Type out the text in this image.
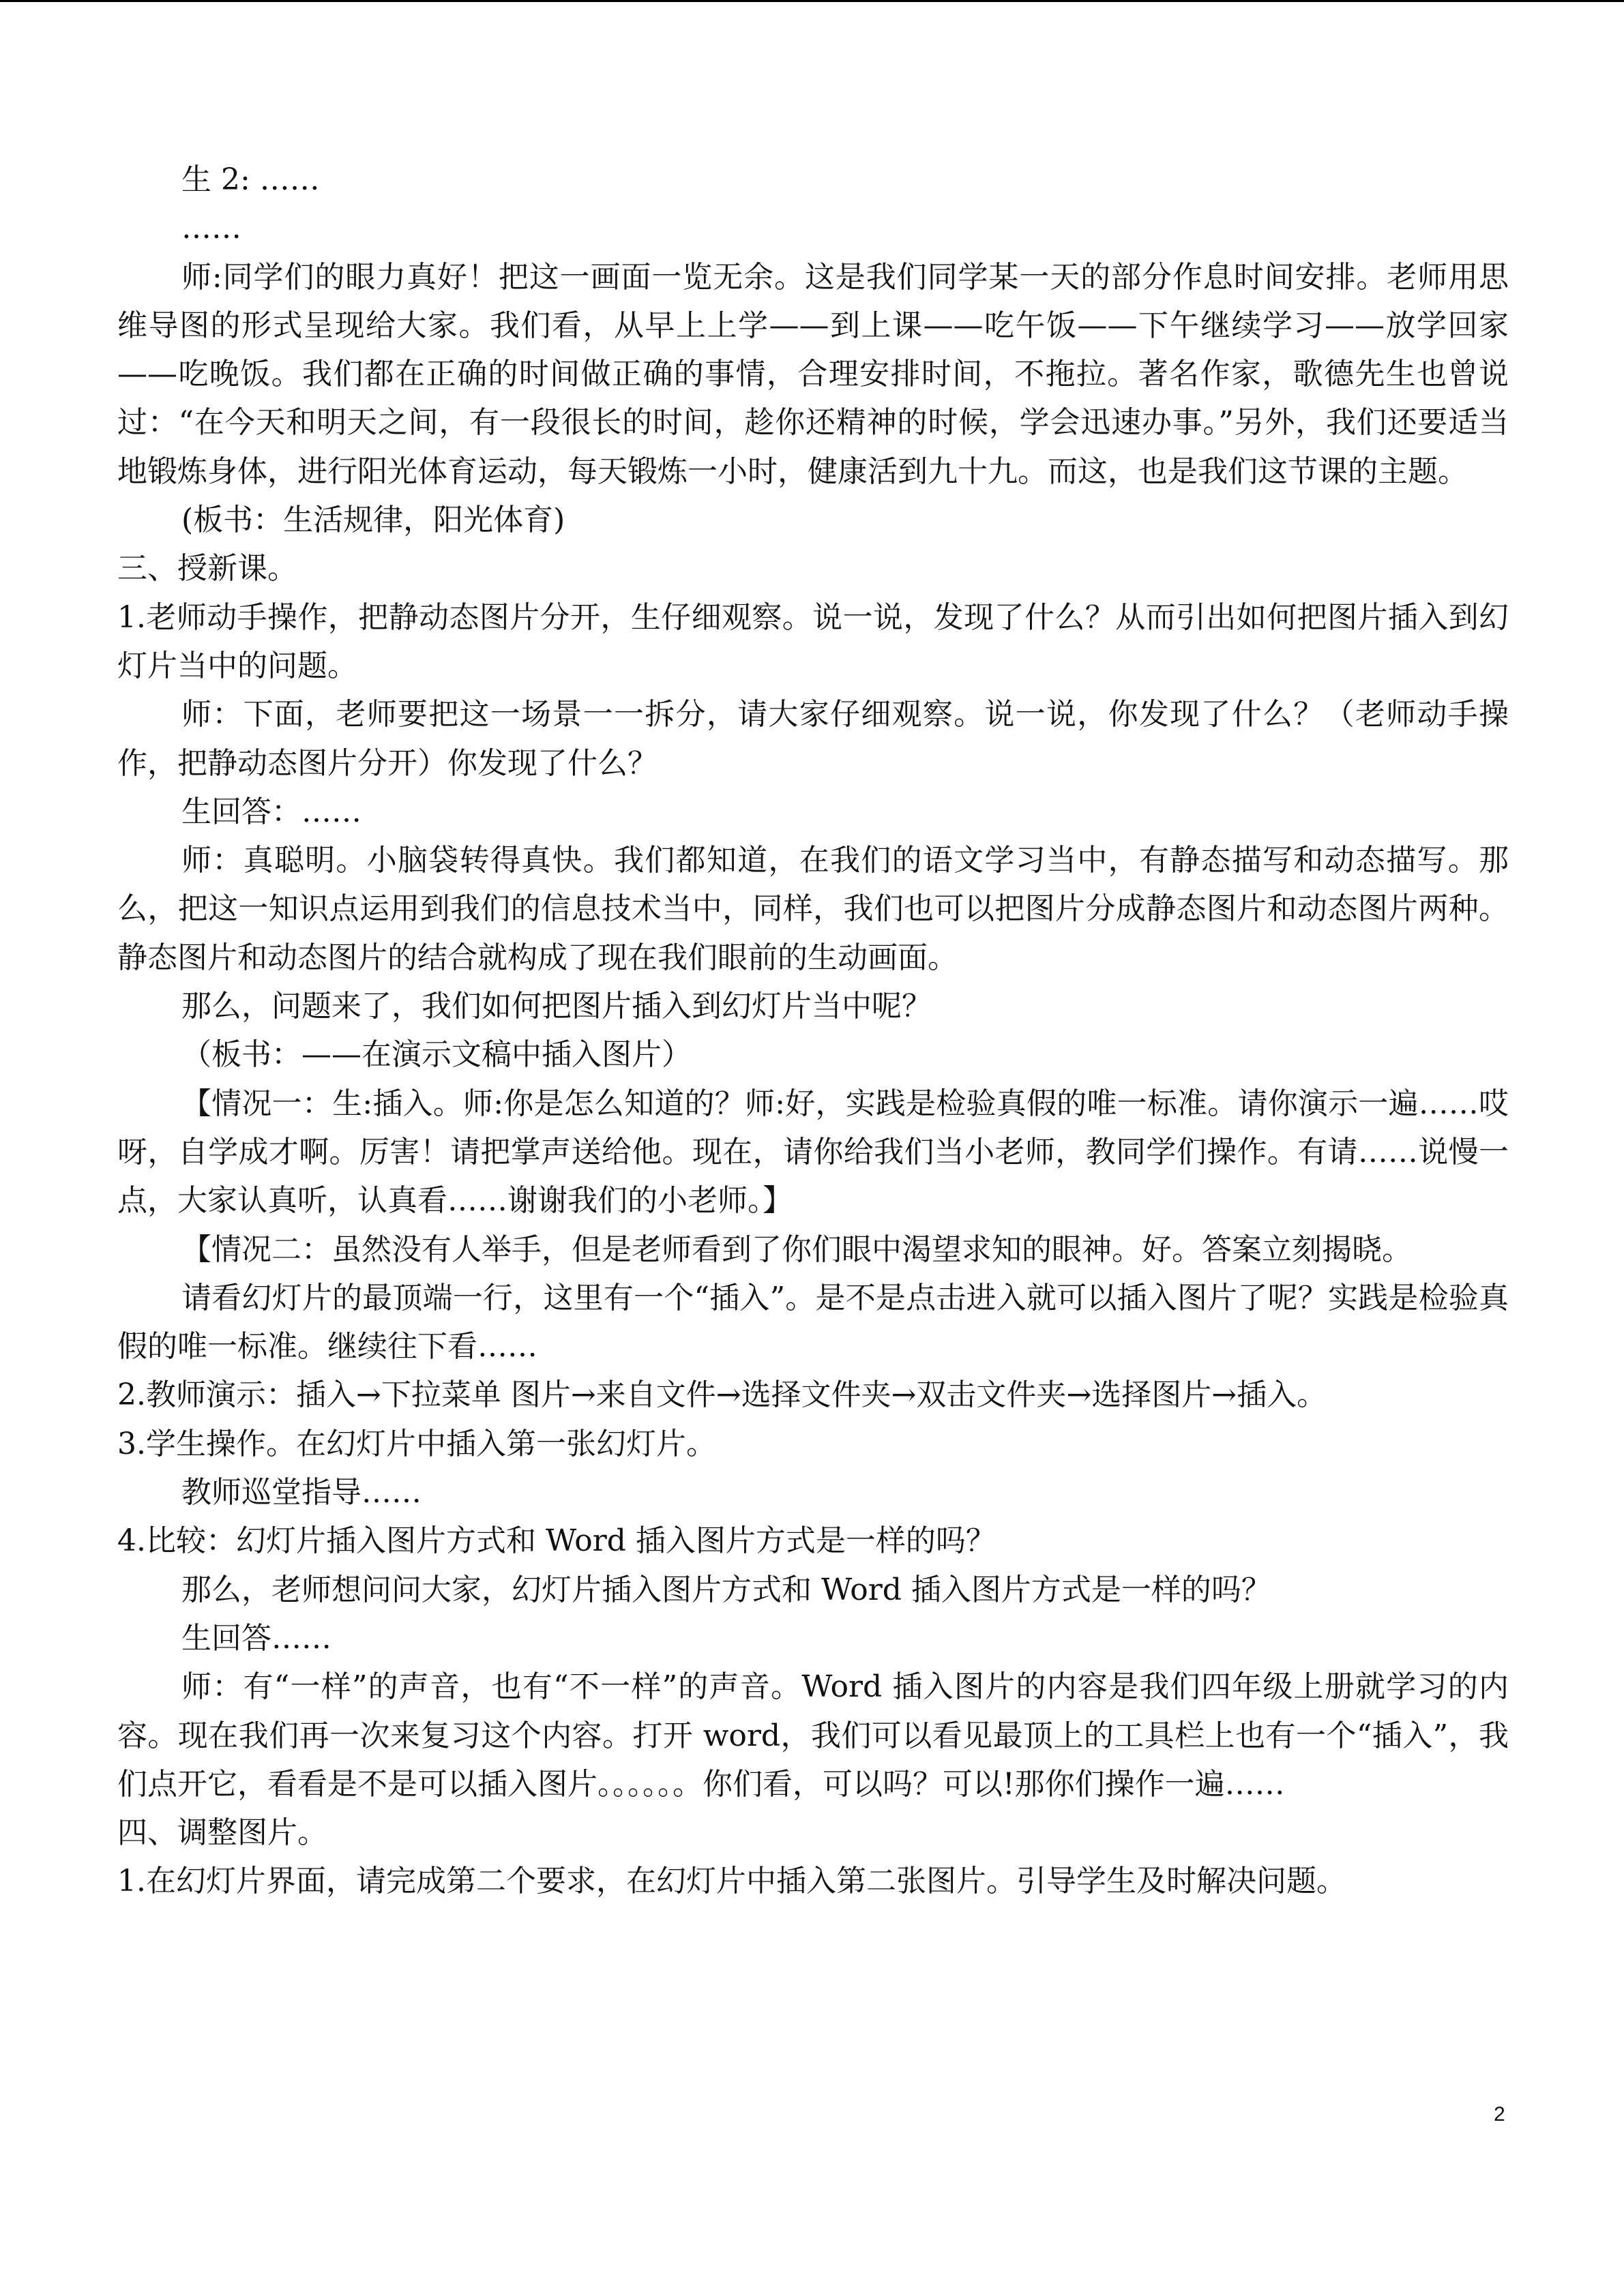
生 2: ……

……

师:同学们的眼力真好！把这一画面一览无余。这是我们同学某一天的部分作息时间安排。老师用思维导图的形式呈现给大家。我们看，从早上上学——到上课——吃午饭——下午继续学习——放学回家——吃晚饭。我们都在正确的时间做正确的事情，合理安排时间，不拖拉。著名作家，歌德先生也曾说过：“在今天和明天之间，有一段很长的时间，趁你还精神的时候，学会迅速办事。”另外，我们还要适当地锻炼身体，进行阳光体育运动，每天锻炼一小时，健康活到九十九。而这，也是我们这节课的主题。

(板书：生活规律，阳光体育)

三、授新课。

1.老师动手操作，把静动态图片分开，生仔细观察。说一说，发现了什么？从而引出如何把图片插入到幻灯片当中的问题。

师：下面，老师要把这一场景一一拆分，请大家仔细观察。说一说，你发现了什么？（老师动手操作，把静动态图片分开）你发现了什么？

生回答：……

师：真聪明。小脑袋转得真快。我们都知道，在我们的语文学习当中，有静态描写和动态描写。那么，把这一知识点运用到我们的信息技术当中，同样，我们也可以把图片分成静态图片和动态图片两种。静态图片和动态图片的结合就构成了现在我们眼前的生动画面。

那么，问题来了，我们如何把图片插入到幻灯片当中呢？

（板书：——在演示文稿中插入图片）

【情况一：生:插入。师:你是怎么知道的？师:好，实践是检验真假的唯一标准。请你演示一遍……哎呀，自学成才啊。厉害！请把掌声送给他。现在，请你给我们当小老师，教同学们操作。有请……说慢一点，大家认真听，认真看……谢谢我们的小老师。】

【情况二：虽然没有人举手，但是老师看到了你们眼中渴望求知的眼神。好。答案立刻揭晓。

请看幻灯片的最顶端一行，这里有一个“插入”。是不是点击进入就可以插入图片了呢？实践是检验真假的唯一标准。继续往下看……

2.教师演示：插入→下拉菜单 图片→来自文件→选择文件夹→双击文件夹→选择图片→插入。

3.学生操作。在幻灯片中插入第一张幻灯片。

教师巡堂指导……

4.比较：幻灯片插入图片方式和 Word 插入图片方式是一样的吗？

那么，老师想问问大家，幻灯片插入图片方式和 Word 插入图片方式是一样的吗？

生回答……

师：有“一样”的声音，也有“不一样”的声音。Word 插入图片的内容是我们四年级上册就学习的内容。现在我们再一次来复习这个内容。打开 word，我们可以看见最顶上的工具栏上也有一个“插入”，我们点开它，看看是不是可以插入图片。。。。。。你们看，可以吗？可以!那你们操作一遍……

四、调整图片。

1.在幻灯片界面，请完成第二个要求，在幻灯片中插入第二张图片。引导学生及时解决问题。

2
